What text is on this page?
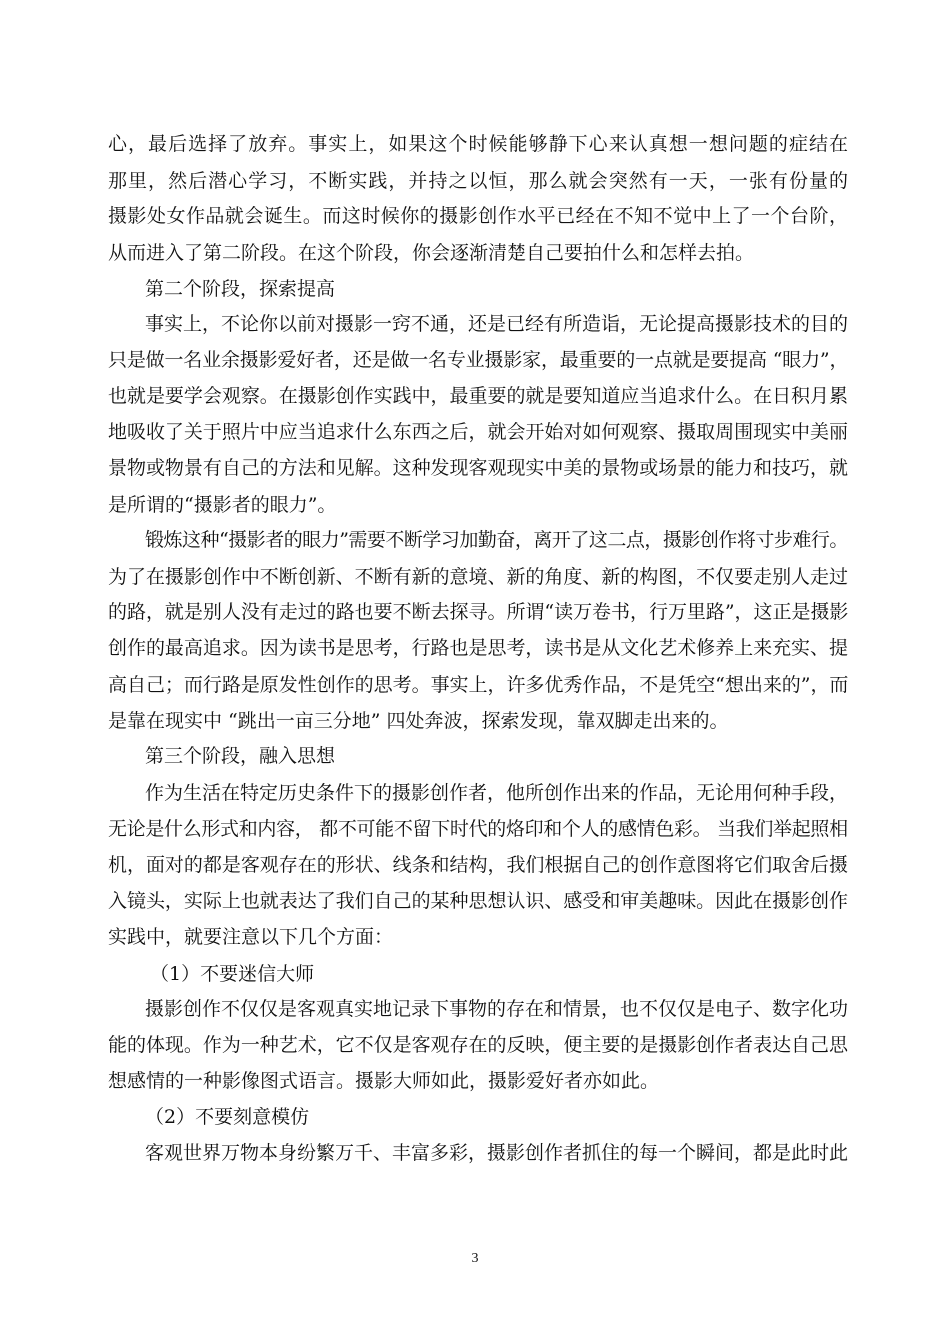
心，最后选择了放弃。事实上，如果这个时候能够静下心来认真想一想问题的症结在
那里，然后潜心学习，不断实践，并持之以恒，那么就会突然有一天，一张有份量的
摄影处女作品就会诞生。而这时候你的摄影创作水平已经在不知不觉中上了一个台阶，
从而进入了第二阶段。在这个阶段，你会逐渐清楚自己要拍什么和怎样去拍。
第二个阶段，探索提高
事实上，不论你以前对摄影一窍不通，还是已经有所造诣，无论提高摄影技术的目的
只是做一名业余摄影爱好者，还是做一名专业摄影家，最重要的一点就是要提高 “眼力”，
也就是要学会观察。在摄影创作实践中，最重要的就是要知道应当追求什么。在日积月累
地吸收了关于照片中应当追求什么东西之后，就会开始对如何观察、摄取周围现实中美丽
景物或物景有自己的方法和见解。这种发现客观现实中美的景物或场景的能力和技巧，就
是所谓的“摄影者的眼力”。
锻炼这种“摄影者的眼力”需要不断学习加勤奋，离开了这二点，摄影创作将寸步难行。
为了在摄影创作中不断创新、不断有新的意境、新的角度、新的构图，不仅要走别人走过
的路，就是别人没有走过的路也要不断去探寻。所谓“读万卷书，行万里路”，这正是摄影
创作的最高追求。因为读书是思考，行路也是思考，读书是从文化艺术修养上来充实、提
高自己；而行路是原发性创作的思考。事实上，许多优秀作品，不是凭空“想出来的”，而
是靠在现实中 “跳出一亩三分地” 四处奔波，探索发现，靠双脚走出来的。
第三个阶段，融入思想
作为生活在特定历史条件下的摄影创作者，他所创作出来的作品，无论用何种手段，
无论是什么形式和内容， 都不可能不留下时代的烙印和个人的感情色彩。 当我们举起照相
机，面对的都是客观存在的形状、线条和结构，我们根据自己的创作意图将它们取舍后摄
入镜头，实际上也就表达了我们自己的某种思想认识、感受和审美趣味。因此在摄影创作
实践中，就要注意以下几个方面：
（1）不要迷信大师
摄影创作不仅仅是客观真实地记录下事物的存在和情景，也不仅仅是电子、数字化功
能的体现。作为一种艺术，它不仅是客观存在的反映，便主要的是摄影创作者表达自己思
想感情的一种影像图式语言。摄影大师如此，摄影爱好者亦如此。
（2）不要刻意模仿
客观世界万物本身纷繁万千、丰富多彩，摄影创作者抓住的每一个瞬间，都是此时此
3
